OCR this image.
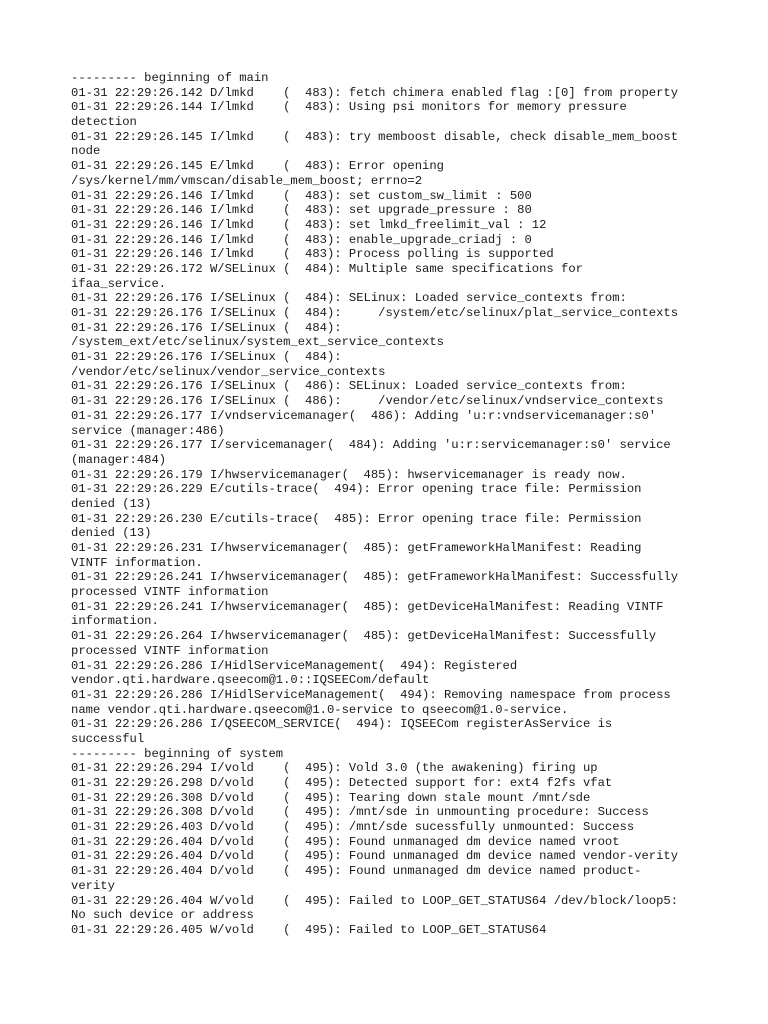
--------- beginning of main
01-31 22:29:26.142 D/lmkd    (  483): fetch chimera enabled flag :[0] from property
01-31 22:29:26.144 I/lmkd    (  483): Using psi monitors for memory pressure
detection
01-31 22:29:26.145 I/lmkd    (  483): try memboost disable, check disable_mem_boost
node
01-31 22:29:26.145 E/lmkd    (  483): Error opening
/sys/kernel/mm/vmscan/disable_mem_boost; errno=2
01-31 22:29:26.146 I/lmkd    (  483): set custom_sw_limit : 500
01-31 22:29:26.146 I/lmkd    (  483): set upgrade_pressure : 80
01-31 22:29:26.146 I/lmkd    (  483): set lmkd_freelimit_val : 12
01-31 22:29:26.146 I/lmkd    (  483): enable_upgrade_criadj : 0
01-31 22:29:26.146 I/lmkd    (  483): Process polling is supported
01-31 22:29:26.172 W/SELinux (  484): Multiple same specifications for
ifaa_service.
01-31 22:29:26.176 I/SELinux (  484): SELinux: Loaded service_contexts from:
01-31 22:29:26.176 I/SELinux (  484):     /system/etc/selinux/plat_service_contexts
01-31 22:29:26.176 I/SELinux (  484):
/system_ext/etc/selinux/system_ext_service_contexts
01-31 22:29:26.176 I/SELinux (  484):
/vendor/etc/selinux/vendor_service_contexts
01-31 22:29:26.176 I/SELinux (  486): SELinux: Loaded service_contexts from:
01-31 22:29:26.176 I/SELinux (  486):     /vendor/etc/selinux/vndservice_contexts
01-31 22:29:26.177 I/vndservicemanager(  486): Adding 'u:r:vndservicemanager:s0'
service (manager:486)
01-31 22:29:26.177 I/servicemanager(  484): Adding 'u:r:servicemanager:s0' service
(manager:484)
01-31 22:29:26.179 I/hwservicemanager(  485): hwservicemanager is ready now.
01-31 22:29:26.229 E/cutils-trace(  494): Error opening trace file: Permission
denied (13)
01-31 22:29:26.230 E/cutils-trace(  485): Error opening trace file: Permission
denied (13)
01-31 22:29:26.231 I/hwservicemanager(  485): getFrameworkHalManifest: Reading
VINTF information.
01-31 22:29:26.241 I/hwservicemanager(  485): getFrameworkHalManifest: Successfully
processed VINTF information
01-31 22:29:26.241 I/hwservicemanager(  485): getDeviceHalManifest: Reading VINTF
information.
01-31 22:29:26.264 I/hwservicemanager(  485): getDeviceHalManifest: Successfully
processed VINTF information
01-31 22:29:26.286 I/HidlServiceManagement(  494): Registered
vendor.qti.hardware.qseecom@1.0::IQSEECom/default
01-31 22:29:26.286 I/HidlServiceManagement(  494): Removing namespace from process
name vendor.qti.hardware.qseecom@1.0-service to qseecom@1.0-service.
01-31 22:29:26.286 I/QSEECOM_SERVICE(  494): IQSEECom registerAsService is
successful
--------- beginning of system
01-31 22:29:26.294 I/vold    (  495): Vold 3.0 (the awakening) firing up
01-31 22:29:26.298 D/vold    (  495): Detected support for: ext4 f2fs vfat
01-31 22:29:26.308 D/vold    (  495): Tearing down stale mount /mnt/sde
01-31 22:29:26.308 D/vold    (  495): /mnt/sde in unmounting procedure: Success
01-31 22:29:26.403 D/vold    (  495): /mnt/sde sucessfully unmounted: Success
01-31 22:29:26.404 D/vold    (  495): Found unmanaged dm device named vroot
01-31 22:29:26.404 D/vold    (  495): Found unmanaged dm device named vendor-verity
01-31 22:29:26.404 D/vold    (  495): Found unmanaged dm device named product-
verity
01-31 22:29:26.404 W/vold    (  495): Failed to LOOP_GET_STATUS64 /dev/block/loop5:
No such device or address
01-31 22:29:26.405 W/vold    (  495): Failed to LOOP_GET_STATUS64
